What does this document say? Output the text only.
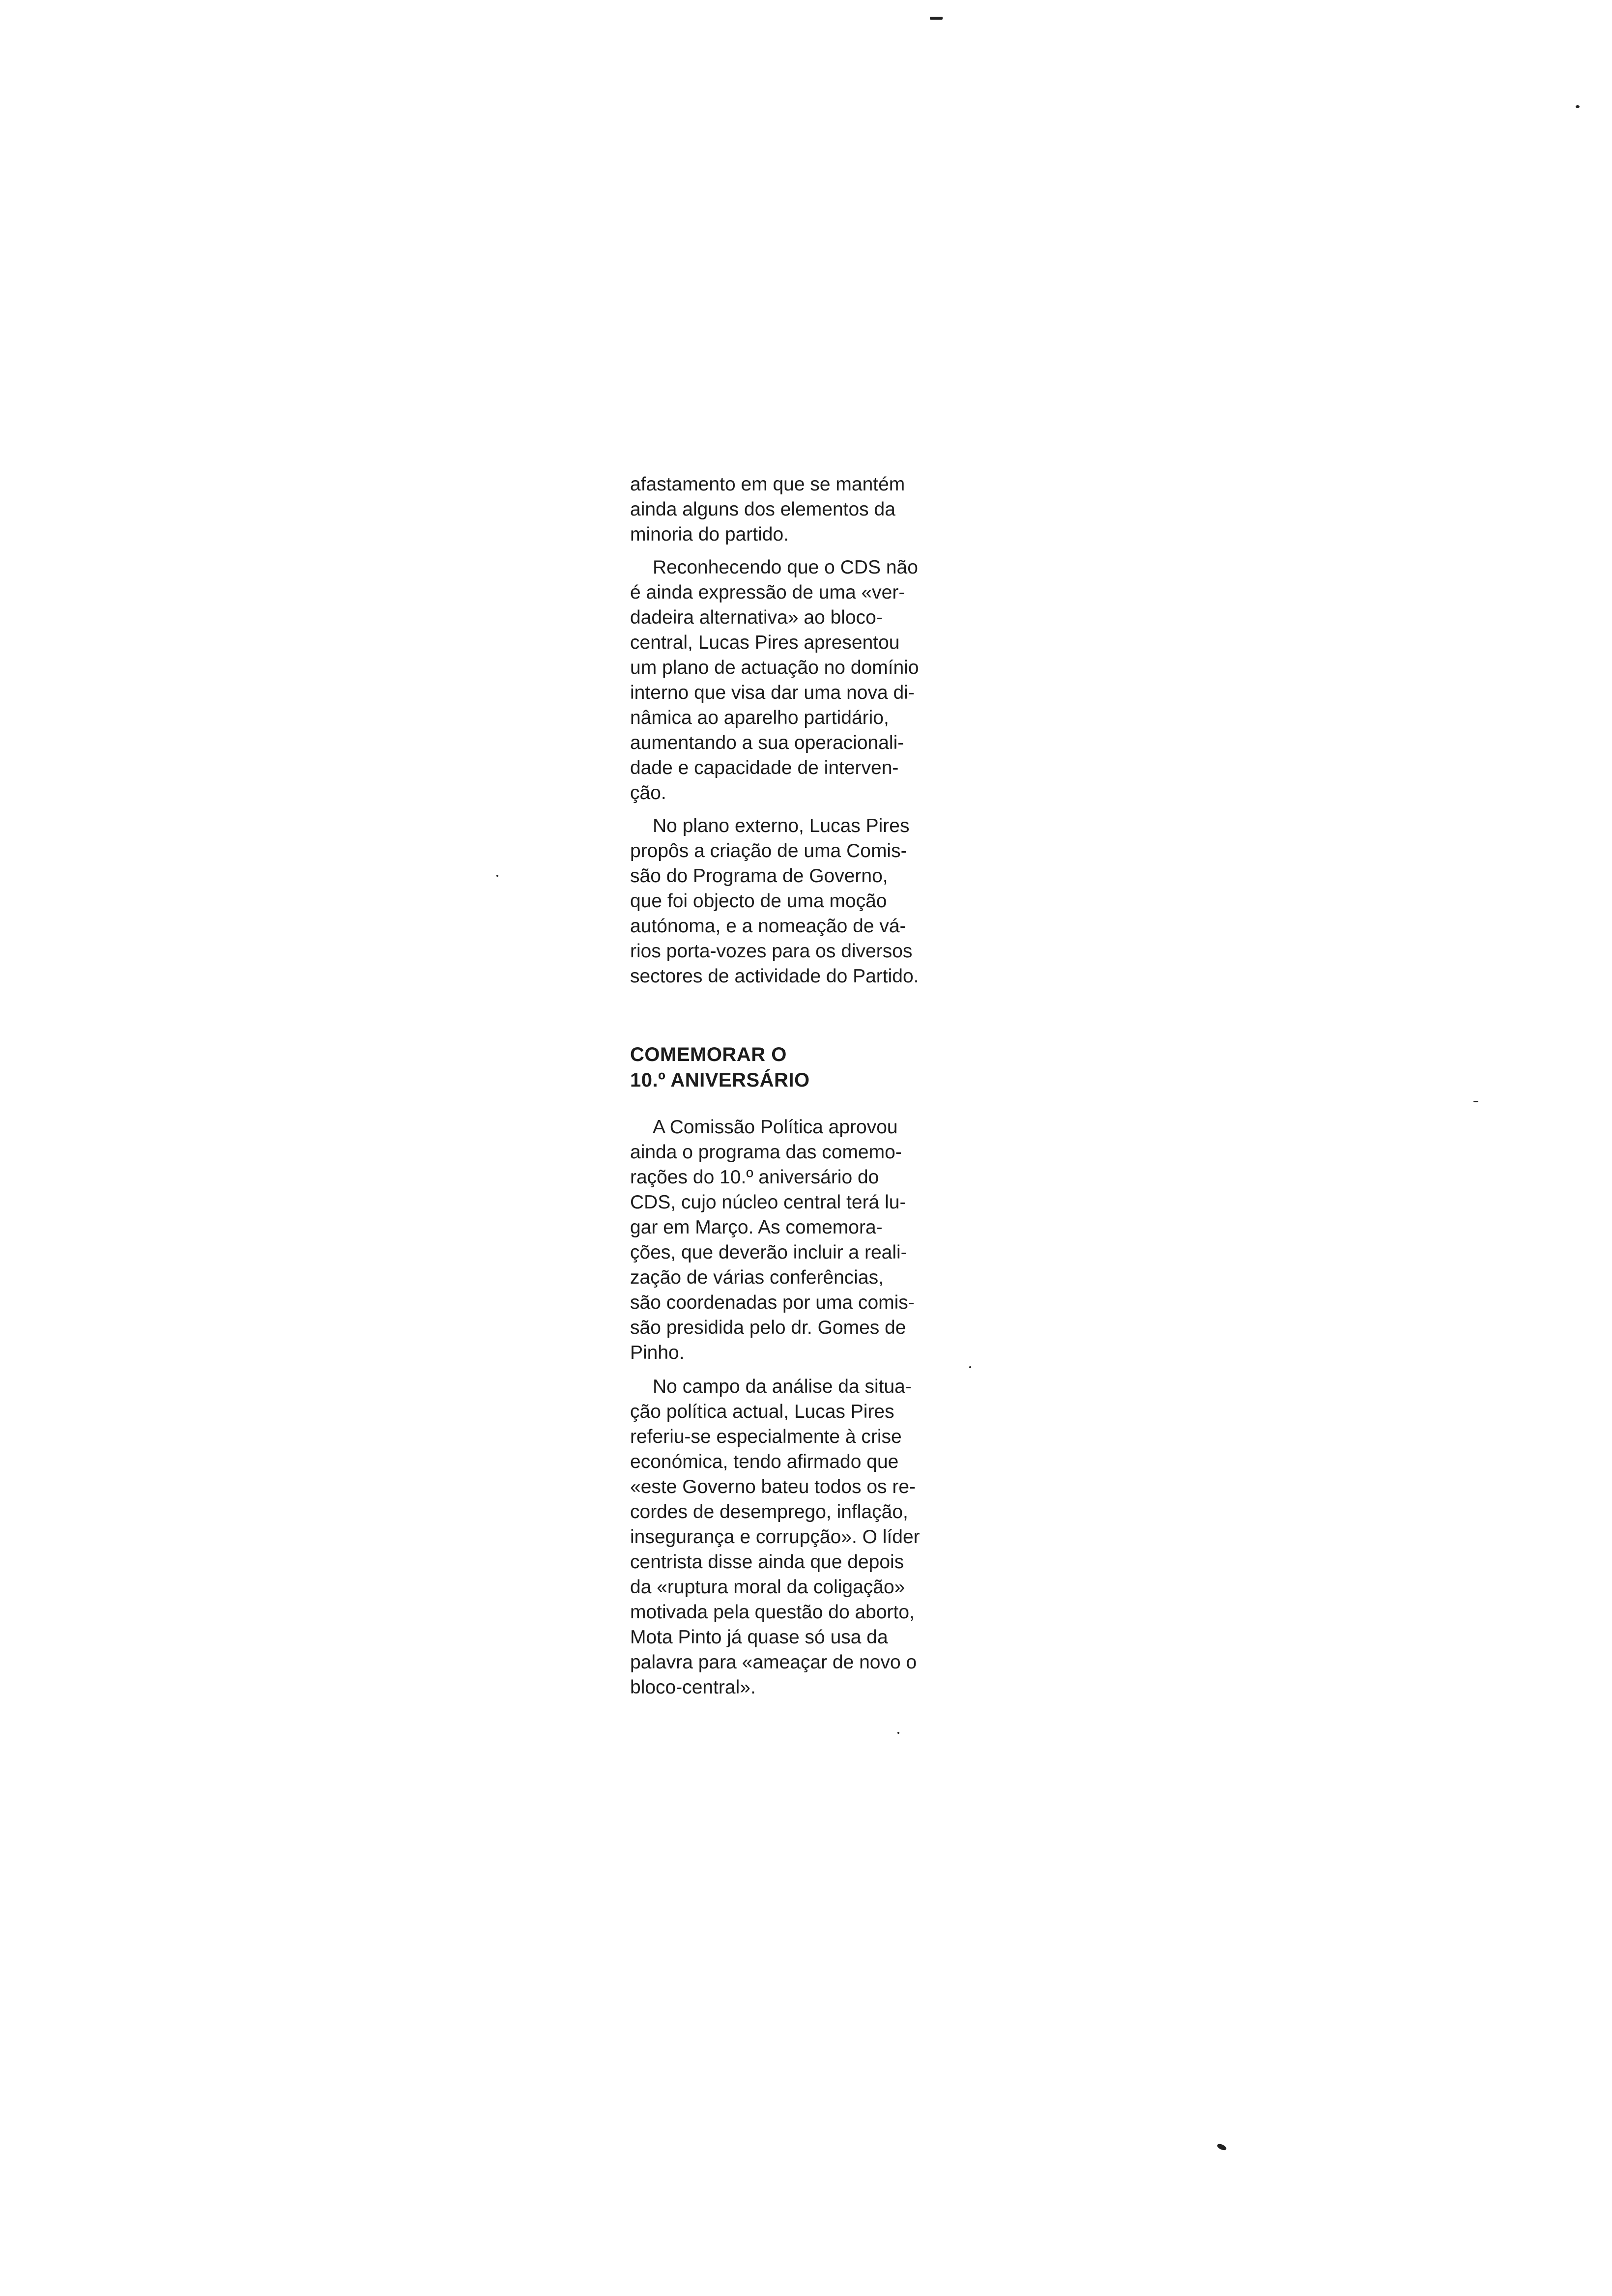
afastamento em que se mantém
ainda alguns dos elementos da
minoria do partido.

Reconhecendo que o CDS não
é ainda expressão de uma «ver-
dadeira alternativa» ao bloco-
central, Lucas Pires apresentou
um plano de actuação no domínio
interno que visa dar uma nova di-
nâmica ao aparelho partidário,
aumentando a sua operacionali-
dade e capacidade de interven-
ção.

No plano externo, Lucas Pires
propôs a criação de uma Comis-
são do Programa de Governo,
que foi objecto de uma moção
autónoma, e a nomeação de vá-
rios porta-vozes para os diversos
sectores de actividade do Partido.

COMEMORAR O
10.º ANIVERSÁRIO

A Comissão Política aprovou
ainda o programa das comemo-
rações do 10.º aniversário do
CDS, cujo núcleo central terá lu-
gar em Março. As comemora-
ções, que deverão incluir a reali-
zação de várias conferências,
são coordenadas por uma comis-
são presidida pelo dr. Gomes de
Pinho.

No campo da análise da situa-
ção política actual, Lucas Pires
referiu-se especialmente à crise
económica, tendo afirmado que
«este Governo bateu todos os re-
cordes de desemprego, inflação,
insegurança e corrupção». O líder
centrista disse ainda que depois
da «ruptura moral da coligação»
motivada pela questão do aborto,
Mota Pinto já quase só usa da
palavra para «ameaçar de novo o
bloco-central».
